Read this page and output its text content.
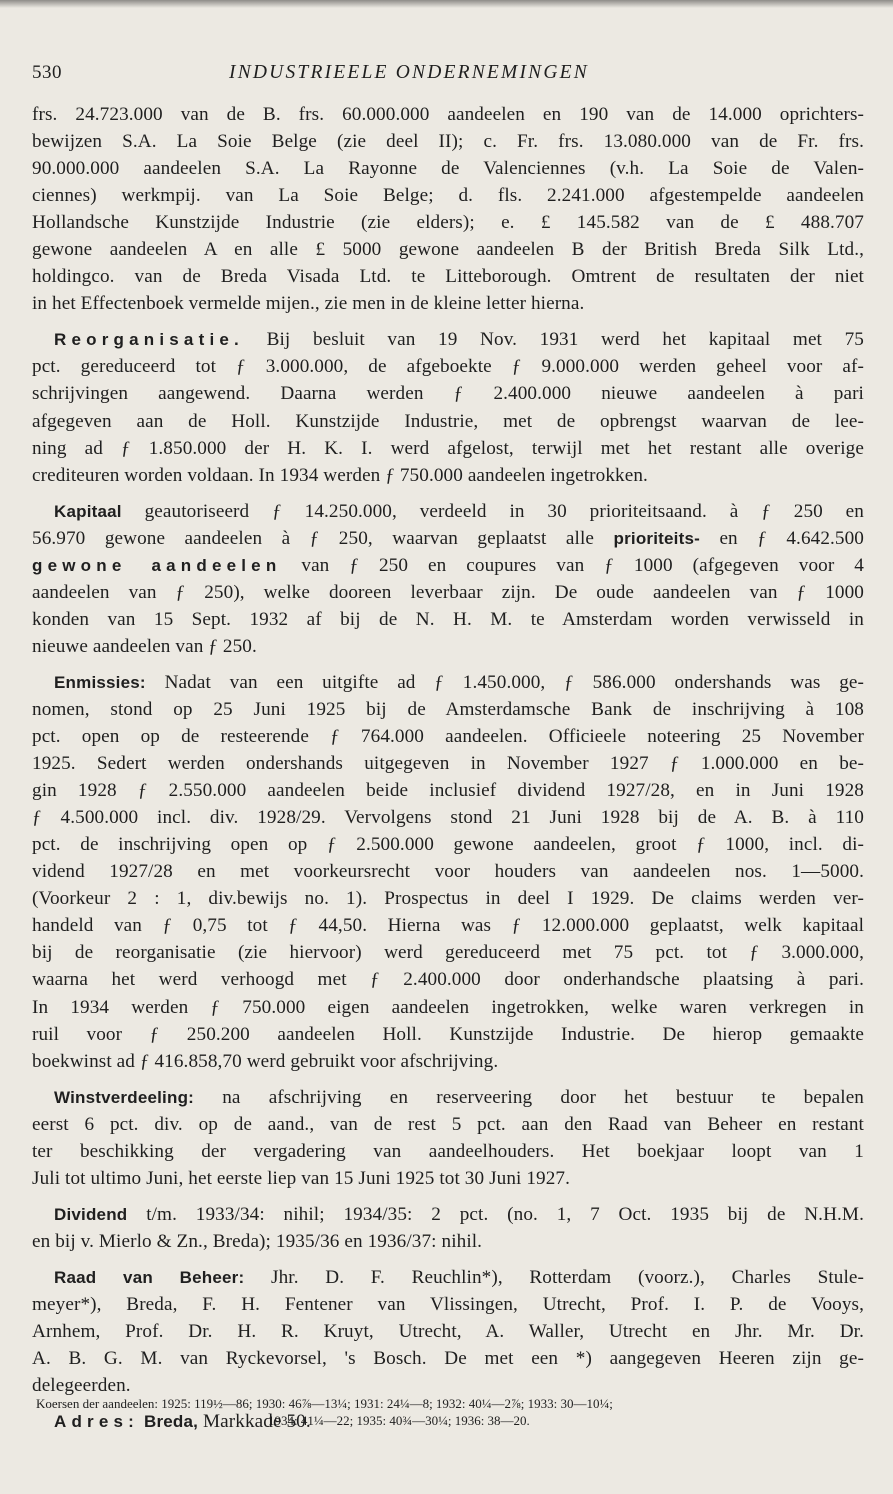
530	INDUSTRIEELE ONDERNEMINGEN
frs. 24.723.000 van de B. frs. 60.000.000 aandeelen en 190 van de 14.000 oprichters-
bewijzen S.A. La Soie Belge (zie deel II); c. Fr. frs. 13.080.000 van de Fr. frs.
90.000.000 aandeelen S.A. La Rayonne de Valenciennes (v.h. La Soie de Valen-
ciennes) werkmpij. van La Soie Belge; d. fls. 2.241.000 afgestempelde aandeelen
Hollandsche Kunstzijde Industrie (zie elders); e. £ 145.582 van de £ 488.707
gewone aandeelen A en alle £ 5000 gewone aandeelen B der British Breda Silk Ltd.,
holdingco. van de Breda Visada Ltd. te Litteborough. Omtrent de resultaten der niet
in het Effectenboek vermelde mijen., zie men in de kleine letter hierna.
Reorganisatie. Bij besluit van 19 Nov. 1931 werd het kapitaal met 75
pct. gereduceerd tot ƒ 3.000.000, de afgeboekte ƒ 9.000.000 werden geheel voor af-
schrijvingen aangewend. Daarna werden ƒ 2.400.000 nieuwe aandeelen à pari
afgegeven aan de Holl. Kunstzijde Industrie, met de opbrengst waarvan de lee-
ning ad ƒ 1.850.000 der H. K. I. werd afgelost, terwijl met het restant alle overige
crediteuren worden voldaan. In 1934 werden ƒ 750.000 aandeelen ingetrokken.
Kapitaal geautoriseerd ƒ 14.250.000, verdeeld in 30 prioriteitsaand. à ƒ 250 en
56.970 gewone aandeelen à ƒ 250, waarvan geplaatst alle prioriteits- en ƒ 4.642.500
gewone aandeelen van ƒ 250 en coupures van ƒ 1000 (afgegeven voor 4
aandeelen van ƒ 250), welke dooreen leverbaar zijn. De oude aandeelen van ƒ 1000
konden van 15 Sept. 1932 af bij de N. H. M. te Amsterdam worden verwisseld in
nieuwe aandeelen van ƒ 250.
Enmissies: Nadat van een uitgifte ad ƒ 1.450.000, ƒ 586.000 ondershands was ge-
nomen, stond op 25 Juni 1925 bij de Amsterdamsche Bank de inschrijving à 108
pct. open op de resteerende ƒ 764.000 aandeelen. Officieele noteering 25 November
1925. Sedert werden ondershands uitgegeven in November 1927 ƒ 1.000.000 en be-
gin 1928 ƒ 2.550.000 aandeelen beide inclusief dividend 1927/28, en in Juni 1928
ƒ 4.500.000 incl. div. 1928/29. Vervolgens stond 21 Juni 1928 bij de A. B. à 110
pct. de inschrijving open op ƒ 2.500.000 gewone aandeelen, groot ƒ 1000, incl. di-
vidend 1927/28 en met voorkeursrecht voor houders van aandeelen nos. 1—5000.
(Voorkeur 2 : 1, div.bewijs no. 1). Prospectus in deel I 1929. De claims werden ver-
handeld van ƒ 0,75 tot ƒ 44,50. Hierna was ƒ 12.000.000 geplaatst, welk kapitaal
bij de reorganisatie (zie hiervoor) werd gereduceerd met 75 pct. tot ƒ 3.000.000,
waarna het werd verhoogd met ƒ 2.400.000 door onderhandsche plaatsing à pari.
In 1934 werden ƒ 750.000 eigen aandeelen ingetrokken, welke waren verkregen in
ruil voor ƒ 250.200 aandeelen Holl. Kunstzijde Industrie. De hierop gemaakte
boekwinst ad ƒ 416.858,70 werd gebruikt voor afschrijving.
Winstverdeeling: na afschrijving en reserveering door het bestuur te bepalen
eerst 6 pct. div. op de aand., van de rest 5 pct. aan den Raad van Beheer en restant
ter beschikking der vergadering van aandeelhouders. Het boekjaar loopt van 1
Juli tot ultimo Juni, het eerste liep van 15 Juni 1925 tot 30 Juni 1927.
Dividend t/m. 1933/34: nihil; 1934/35: 2 pct. (no. 1, 7 Oct. 1935 bij de N.H.M.
en bij v. Mierlo & Zn., Breda); 1935/36 en 1936/37: nihil.
Raad van Beheer: Jhr. D. F. Reuchlin*), Rotterdam (voorz.), Charles Stule-
meyer*), Breda, F. H. Fentener van Vlissingen, Utrecht, Prof. I. P. de Vooys,
Arnhem, Prof. Dr. H. R. Kruyt, Utrecht, A. Waller, Utrecht en Jhr. Mr. Dr.
A. B. G. M. van Ryckevorsel, 's Bosch. De met een *) aangegeven Heeren zijn ge-
delegeerden.
Adres: Breda, Markkade 50.
Koersen der aandeelen: 1925: 119½—86; 1930: 46⅞—13¼; 1931: 24¼—8; 1932: 40¼—2⅞; 1933: 30—10¼;
1934: 41¼—22; 1935: 40¾—30¼; 1936: 38—20.
